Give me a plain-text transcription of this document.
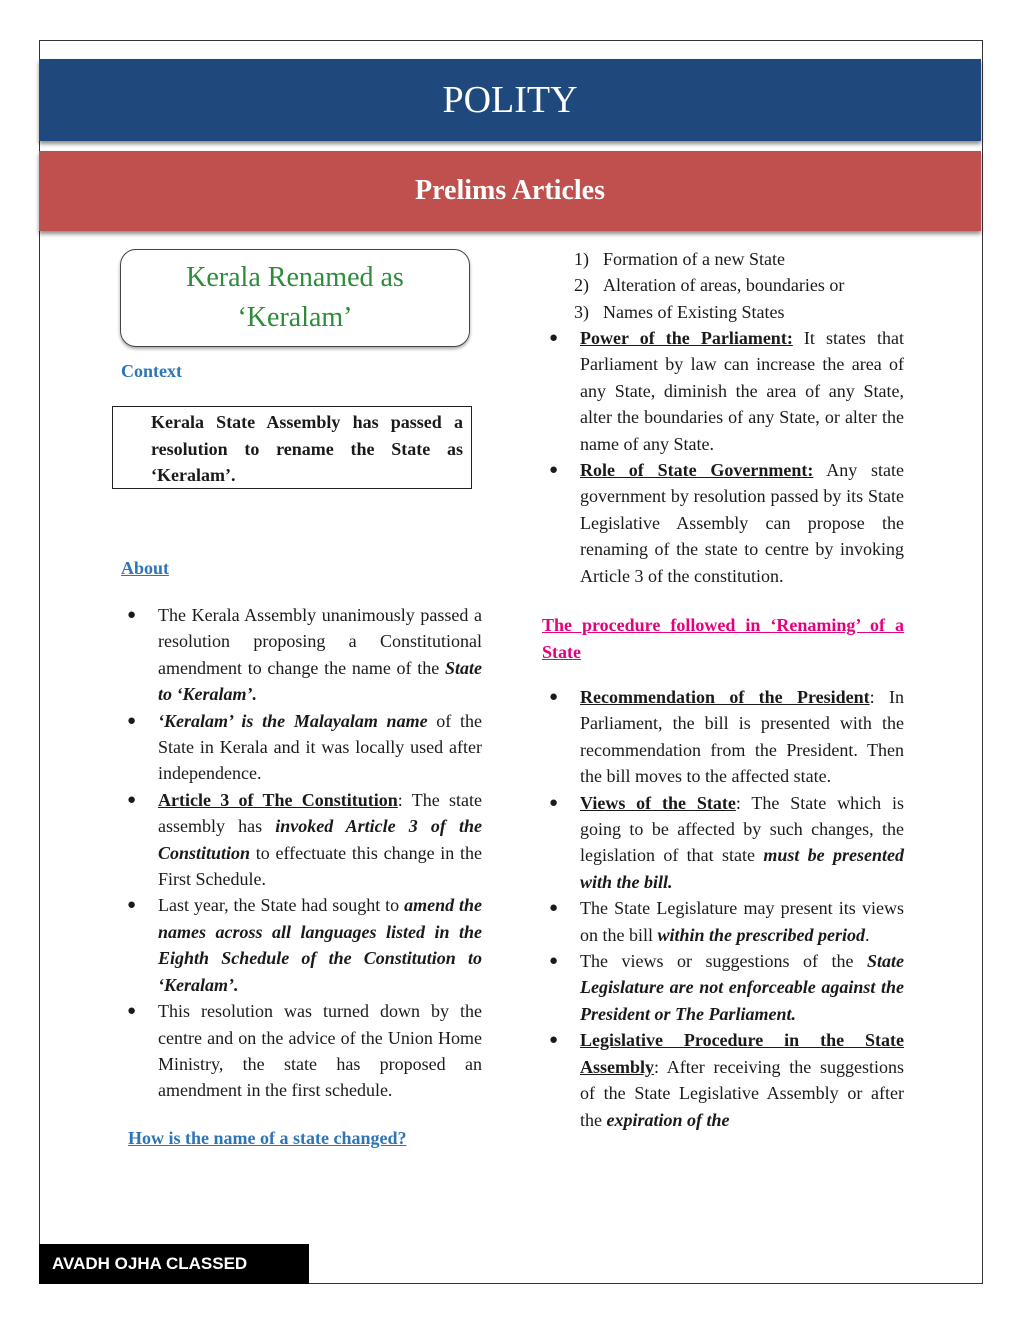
POLITY
Prelims Articles
Kerala Renamed as
‘Keralam’
Context
Kerala State Assembly has passed a resolution to rename the State as ‘Keralam’.
About
● The Kerala Assembly unanimously passed a resolution proposing a Constitutional amendment to change the name of the State to ‘Keralam’.
● ‘Keralam’ is the Malayalam name of the State in Kerala and it was locally used after independence.
● Article 3 of The Constitution: The state assembly has invoked Article 3 of the Constitution to effectuate this change in the First Schedule.
● Last year, the State had sought to amend the names across all languages listed in the Eighth Schedule of the Constitution to ‘Keralam’.
● This resolution was turned down by the centre and on the advice of the Union Home Ministry, the state has proposed an amendment in the first schedule.
How is the name of a state changed?
1) Formation of a new State
2) Alteration of areas, boundaries or
3) Names of Existing States
● Power of the Parliament: It states that Parliament by law can increase the area of any State, diminish the area of any State, alter the boundaries of any State, or alter the name of any State.
● Role of State Government: Any state government by resolution passed by its State Legislative Assembly can propose the renaming of the state to centre by invoking Article 3 of the constitution.
The procedure followed in ‘Renaming’ of a State
● Recommendation of the President: In Parliament, the bill is presented with the recommendation from the President. Then the bill moves to the affected state.
● Views of the State: The State which is going to be affected by such changes, the legislation of that state must be presented with the bill.
● The State Legislature may present its views on the bill within the prescribed period.
● The views or suggestions of the State Legislature are not enforceable against the President or The Parliament.
● Legislative Procedure in the State Assembly: After receiving the suggestions of the State Legislative Assembly or after the expiration of the
AVADH OJHA CLASSED
